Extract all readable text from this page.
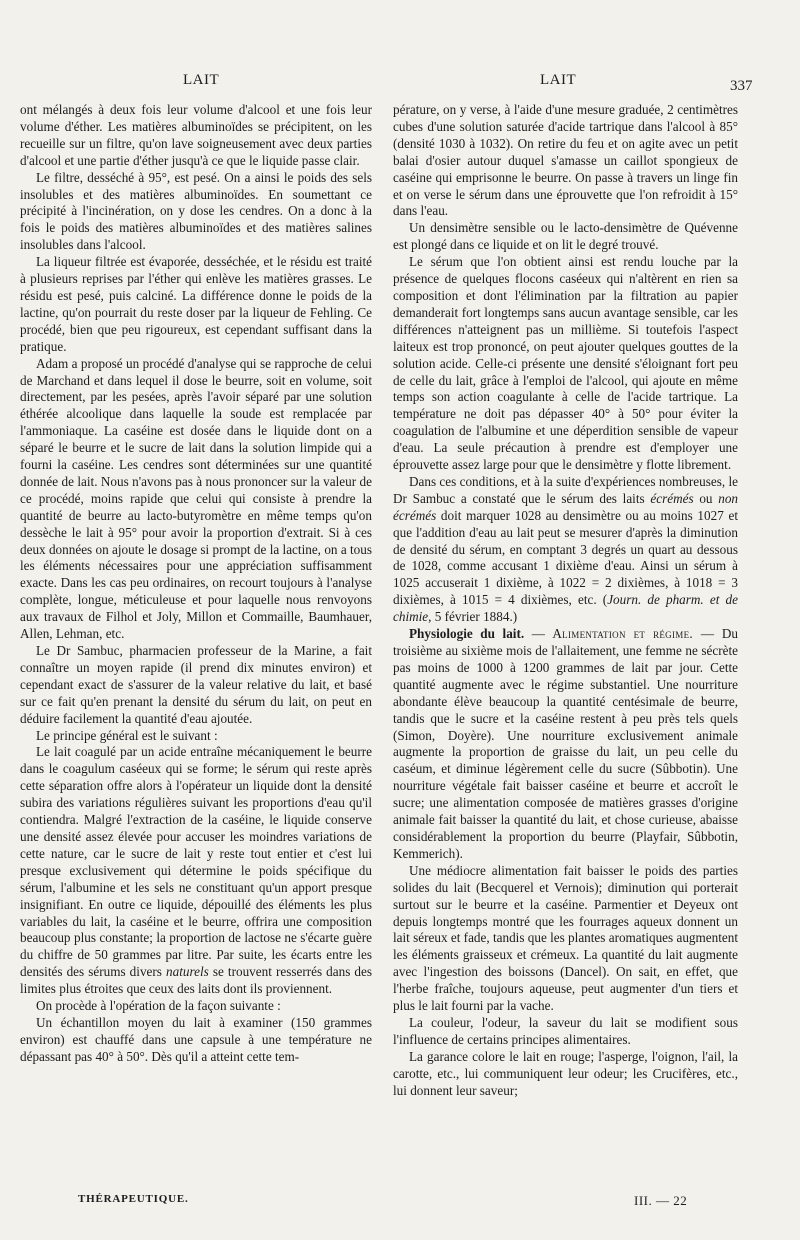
LAIT	LAIT	337

ont mélangés à deux fois leur volume d'alcool et une fois leur volume d'éther. Les matières albuminoïdes se précipitent, on les recueille sur un filtre, qu'on lave soigneusement avec deux parties d'alcool et une partie d'éther jusqu'à ce que le liquide passe clair.

Le filtre, desséché à 95°, est pesé. On a ainsi le poids des sels insolubles et des matières albuminoïdes. En soumettant ce précipité à l'incinération, on y dose les cendres. On a donc à la fois le poids des matières albuminoïdes et des matières salines insolubles dans l'alcool.

La liqueur filtrée est évaporée, desséchée, et le résidu est traité à plusieurs reprises par l'éther qui enlève les matières grasses. Le résidu est pesé, puis calciné. La différence donne le poids de la lactine, qu'on pourrait du reste doser par la liqueur de Fehling. Ce procédé, bien que peu rigoureux, est cependant suffisant dans la pratique.

Adam a proposé un procédé d'analyse qui se rapproche de celui de Marchand et dans lequel il dose le beurre, soit en volume, soit directement, par les pesées, après l'avoir séparé par une solution éthérée alcoolique dans laquelle la soude est remplacée par l'ammoniaque. La caséine est dosée dans le liquide dont on a séparé le beurre et le sucre de lait dans la solution limpide qui a fourni la caséine. Les cendres sont déterminées sur une quantité donnée de lait. Nous n'avons pas à nous prononcer sur la valeur de ce procédé, moins rapide que celui qui consiste à prendre la quantité de beurre au lacto-butyromètre en même temps qu'on dessèche le lait à 95° pour avoir la proportion d'extrait. Si à ces deux données on ajoute le dosage si prompt de la lactine, on a tous les éléments nécessaires pour une appréciation suffisamment exacte. Dans les cas peu ordinaires, on recourt toujours à l'analyse complète, longue, méticuleuse et pour laquelle nous renvoyons aux travaux de Filhol et Joly, Millon et Commaille, Baumhauer, Allen, Lehman, etc.

Le Dr Sambuc, pharmacien professeur de la Marine, a fait connaître un moyen rapide (il prend dix minutes environ) et cependant exact de s'assurer de la valeur relative du lait, et basé sur ce fait qu'en prenant la densité du sérum du lait, on peut en déduire facilement la quantité d'eau ajoutée.

Le principe général est le suivant :

Le lait coagulé par un acide entraîne mécaniquement le beurre dans le coagulum caséeux qui se forme; le sérum qui reste après cette séparation offre alors à l'opérateur un liquide dont la densité subira des variations régulières suivant les proportions d'eau qu'il contiendra. Malgré l'extraction de la caséine, le liquide conserve une densité assez élevée pour accuser les moindres variations de cette nature, car le sucre de lait y reste tout entier et c'est lui presque exclusivement qui détermine le poids spécifique du sérum, l'albumine et les sels ne constituant qu'un apport presque insignifiant. En outre ce liquide, dépouillé des éléments les plus variables du lait, la caséine et le beurre, offrira une composition beaucoup plus constante; la proportion de lactose ne s'écarte guère du chiffre de 50 grammes par litre. Par suite, les écarts entre les densités des sérums divers naturels se trouvent resserrés dans des limites plus étroites que ceux des laits dont ils proviennent.

On procède à l'opération de la façon suivante :

Un échantillon moyen du lait à examiner (150 grammes environ) est chauffé dans une capsule à une température ne dépassant pas 40° à 50°. Dès qu'il a atteint cette tem-

pérature, on y verse, à l'aide d'une mesure graduée, 2 centimètres cubes d'une solution saturée d'acide tartrique dans l'alcool à 85° (densité 1030 à 1032). On retire du feu et on agite avec un petit balai d'osier autour duquel s'amasse un caillot spongieux de caséine qui emprisonne le beurre. On passe à travers un linge fin et on verse le sérum dans une éprouvette que l'on refroidit à 15° dans l'eau.

Un densimètre sensible ou le lacto-densimètre de Quévenne est plongé dans ce liquide et on lit le degré trouvé.

Le sérum que l'on obtient ainsi est rendu louche par la présence de quelques flocons caséeux qui n'altèrent en rien sa composition et dont l'élimination par la filtration au papier demanderait fort longtemps sans aucun avantage sensible, car les différences n'atteignent pas un millième. Si toutefois l'aspect laiteux est trop prononcé, on peut ajouter quelques gouttes de la solution acide. Celle-ci présente une densité s'éloignant fort peu de celle du lait, grâce à l'emploi de l'alcool, qui ajoute en même temps son action coagulante à celle de l'acide tartrique. La température ne doit pas dépasser 40° à 50° pour éviter la coagulation de l'albumine et une déperdition sensible de vapeur d'eau. La seule précaution à prendre est d'employer une éprouvette assez large pour que le densimètre y flotte librement.

Dans ces conditions, et à la suite d'expériences nombreuses, le Dr Sambuc a constaté que le sérum des laits écrémés ou non écrémés doit marquer 1028 au densimètre ou au moins 1027 et que l'addition d'eau au lait peut se mesurer d'après la diminution de densité du sérum, en comptant 3 degrés un quart au dessous de 1028, comme accusant 1 dixième d'eau. Ainsi un sérum à 1025 accuserait 1 dixième, à 1022 = 2 dixièmes, à 1018 = 3 dixièmes, à 1015 = 4 dixièmes, etc. (Journ. de pharm. et de chimie, 5 février 1884.)

Physiologie du lait. — Alimentation et régime. — Du troisième au sixième mois de l'allaitement, une femme ne sécrète pas moins de 1000 à 1200 grammes de lait par jour. Cette quantité augmente avec le régime substantiel. Une nourriture abondante élève beaucoup la quantité centésimale de beurre, tandis que le sucre et la caséine restent à peu près tels quels (Simon, Doyère). Une nourriture exclusivement animale augmente la proportion de graisse du lait, un peu celle du caséum, et diminue légèrement celle du sucre (Sûbbotin). Une nourriture végétale fait baisser caséine et beurre et accroît le sucre; une alimentation composée de matières grasses d'origine animale fait baisser la quantité du lait, et chose curieuse, abaisse considérablement la proportion du beurre (Playfair, Sûbbotin, Kemmerich).

Une médiocre alimentation fait baisser le poids des parties solides du lait (Becquerel et Vernois); diminution qui porterait surtout sur le beurre et la caséine. Parmentier et Deyeux ont depuis longtemps montré que les fourrages aqueux donnent un lait séreux et fade, tandis que les plantes aromatiques augmentent les éléments graisseux et crémeux. La quantité du lait augmente avec l'ingestion des boissons (Dancel). On sait, en effet, que l'herbe fraîche, toujours aqueuse, peut augmenter d'un tiers et plus le lait fourni par la vache.

La couleur, l'odeur, la saveur du lait se modifient sous l'influence de certains principes alimentaires.

La garance colore le lait en rouge; l'asperge, l'oignon, l'ail, la carotte, etc., lui communiquent leur odeur; les Crucifères, etc., lui donnent leur saveur;

THÉRAPEUTIQUE.	III. — 22
